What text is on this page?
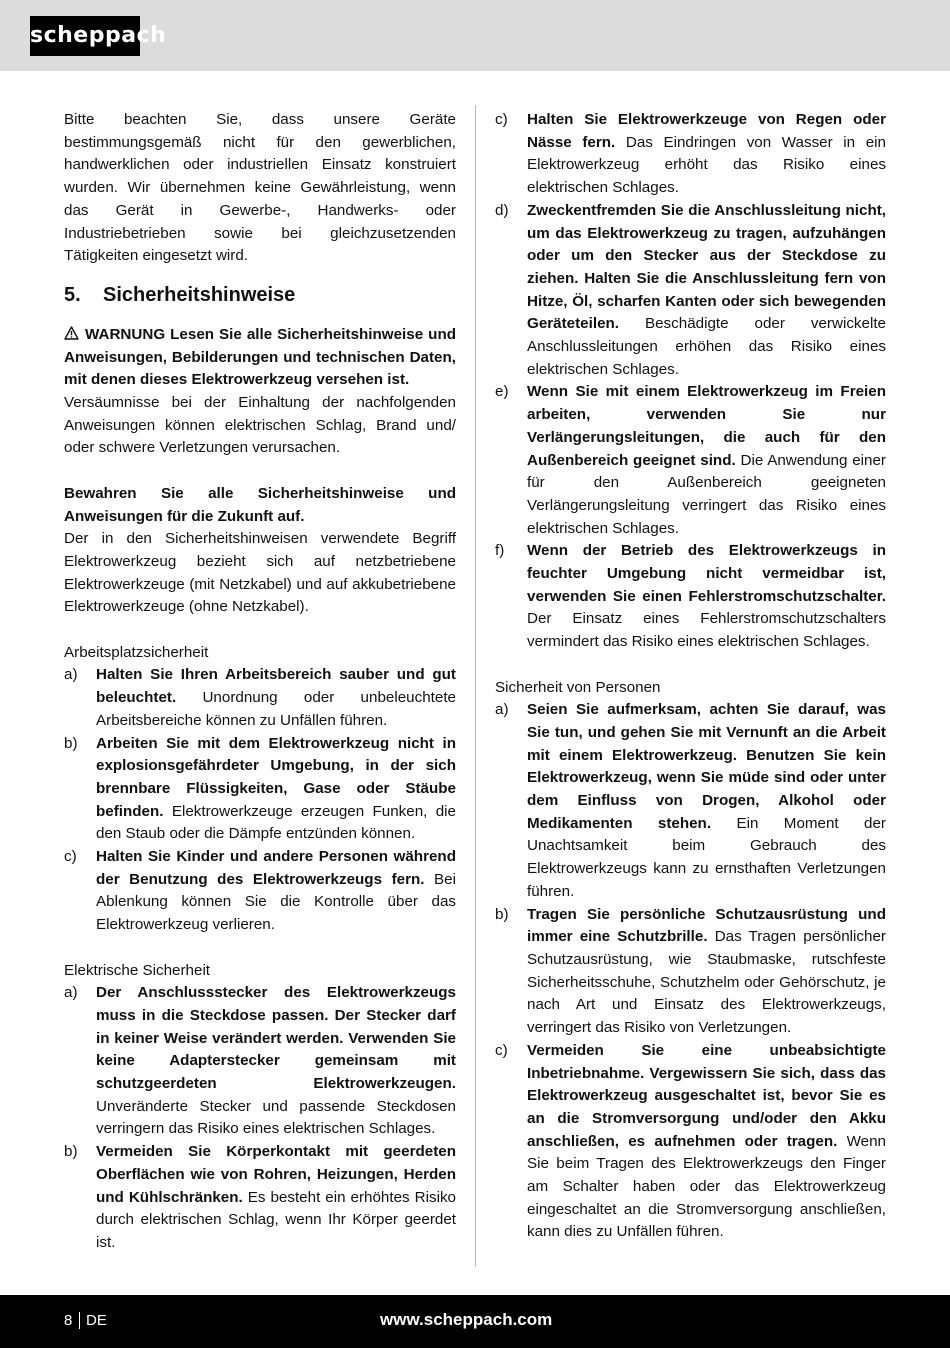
scheppach

Bitte beachten Sie, dass unsere Geräte bestimmungsgemäß nicht für den gewerblichen, handwerklichen oder industriellen Einsatz konstruiert wurden. Wir übernehmen keine Gewährleistung, wenn das Gerät in Gewerbe-, Handwerks- oder Industriebetrieben sowie bei gleichzusetzenden Tätigkeiten eingesetzt wird.

5. Sicherheitshinweise

WARNUNG Lesen Sie alle Sicherheitshinweise und Anweisungen, Bebilderungen und technischen Daten, mit denen dieses Elektrowerkzeug versehen ist.

Versäumnisse bei der Einhaltung der nachfolgenden Anweisungen können elektrischen Schlag, Brand und/ oder schwere Verletzungen verursachen.

Bewahren Sie alle Sicherheitshinweise und Anweisungen für die Zukunft auf.

Der in den Sicherheitshinweisen verwendete Begriff Elektrowerkzeug bezieht sich auf netzbetriebene Elektrowerkzeuge (mit Netzkabel) und auf akkubetriebene Elektrowerkzeuge (ohne Netzkabel).

Arbeitsplatzsicherheit

a)	Halten Sie Ihren Arbeitsbereich sauber und gut beleuchtet. Unordnung oder unbeleuchtete Arbeitsbereiche können zu Unfällen führen.

b)	Arbeiten Sie mit dem Elektrowerkzeug nicht in explosionsgefährdeter Umgebung, in der sich brennbare Flüssigkeiten, Gase oder Stäube befinden. Elektrowerkzeuge erzeugen Funken, die den Staub oder die Dämpfe entzünden können.

c)	Halten Sie Kinder und andere Personen während der Benutzung des Elektrowerkzeugs fern. Bei Ablenkung können Sie die Kontrolle über das Elektrowerkzeug verlieren.

Elektrische Sicherheit

a)	Der Anschlussstecker des Elektrowerkzeugs muss in die Steckdose passen. Der Stecker darf in keiner Weise verändert werden. Verwenden Sie keine Adapterstecker gemeinsam mit schutzgeerdeten Elektrowerkzeugen. Unveränderte Stecker und passende Steckdosen verringern das Risiko eines elektrischen Schlages.

b)	Vermeiden Sie Körperkontakt mit geerdeten Oberflächen wie von Rohren, Heizungen, Herden und Kühlschränken. Es besteht ein erhöhtes Risiko durch elektrischen Schlag, wenn Ihr Körper geerdet ist.

c)	Halten Sie Elektrowerkzeuge von Regen oder Nässe fern. Das Eindringen von Wasser in ein Elektrowerkzeug erhöht das Risiko eines elektrischen Schlages.

d)	Zweckentfremden Sie die Anschlussleitung nicht, um das Elektrowerkzeug zu tragen, aufzuhängen oder um den Stecker aus der Steckdose zu ziehen. Halten Sie die Anschlussleitung fern von Hitze, Öl, scharfen Kanten oder sich bewegenden Geräteteilen. Beschädigte oder verwickelte Anschlussleitungen erhöhen das Risiko eines elektrischen Schlages.

e)	Wenn Sie mit einem Elektrowerkzeug im Freien arbeiten, verwenden Sie nur Verlängerungsleitungen, die auch für den Außenbereich geeignet sind. Die Anwendung einer für den Außenbereich geeigneten Verlängerungsleitung verringert das Risiko eines elektrischen Schlages.

f)	Wenn der Betrieb des Elektrowerkzeugs in feuchter Umgebung nicht vermeidbar ist, verwenden Sie einen Fehlerstromschutzschalter. Der Einsatz eines Fehlerstromschutzschalters vermindert das Risiko eines elektrischen Schlages.

Sicherheit von Personen

a)	Seien Sie aufmerksam, achten Sie darauf, was Sie tun, und gehen Sie mit Vernunft an die Arbeit mit einem Elektrowerkzeug. Benutzen Sie kein Elektrowerkzeug, wenn Sie müde sind oder unter dem Einfluss von Drogen, Alkohol oder Medikamenten stehen. Ein Moment der Unachtsamkeit beim Gebrauch des Elektrowerkzeugs kann zu ernsthaften Verletzungen führen.

b)	Tragen Sie persönliche Schutzausrüstung und immer eine Schutzbrille. Das Tragen persönlicher Schutzausrüstung, wie Staubmaske, rutschfeste Sicherheitsschuhe, Schutzhelm oder Gehörschutz, je nach Art und Einsatz des Elektrowerkzeugs, verringert das Risiko von Verletzungen.

c)	Vermeiden Sie eine unbeabsichtigte Inbetriebnahme. Vergewissern Sie sich, dass das Elektrowerkzeug ausgeschaltet ist, bevor Sie es an die Stromversorgung und/oder den Akku anschließen, es aufnehmen oder tragen. Wenn Sie beim Tragen des Elektrowerkzeugs den Finger am Schalter haben oder das Elektrowerkzeug eingeschaltet an die Stromversorgung anschließen, kann dies zu Unfällen führen.

8 DE	www.scheppach.com
